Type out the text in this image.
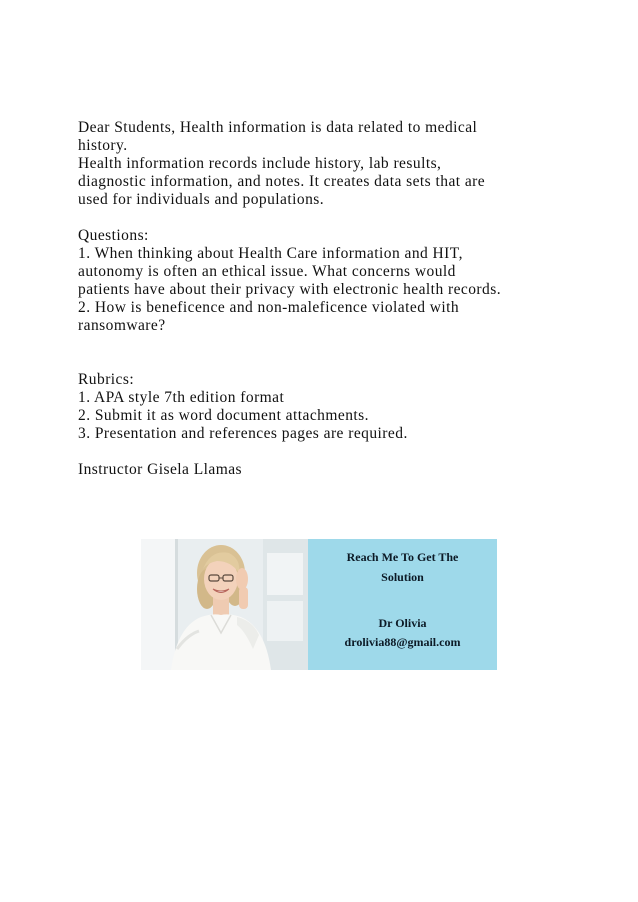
Dear Students, Health information is data related to medical
history.
Health information records include history, lab results,
diagnostic information, and notes. It creates data sets that are
used for individuals and populations.
Questions:
1. When thinking about Health Care information and HIT,
autonomy is often an ethical issue. What concerns would
patients have about their privacy with electronic health records.
2. How is beneficence and non-maleficence violated with
ransomware?
Rubrics:
1. APA style 7th edition format
2. Submit it as word document attachments.
3. Presentation and references pages are required.
Instructor Gisela Llamas
Reach Me To Get The
Solution
Dr Olivia
drolivia88@gmail.com
